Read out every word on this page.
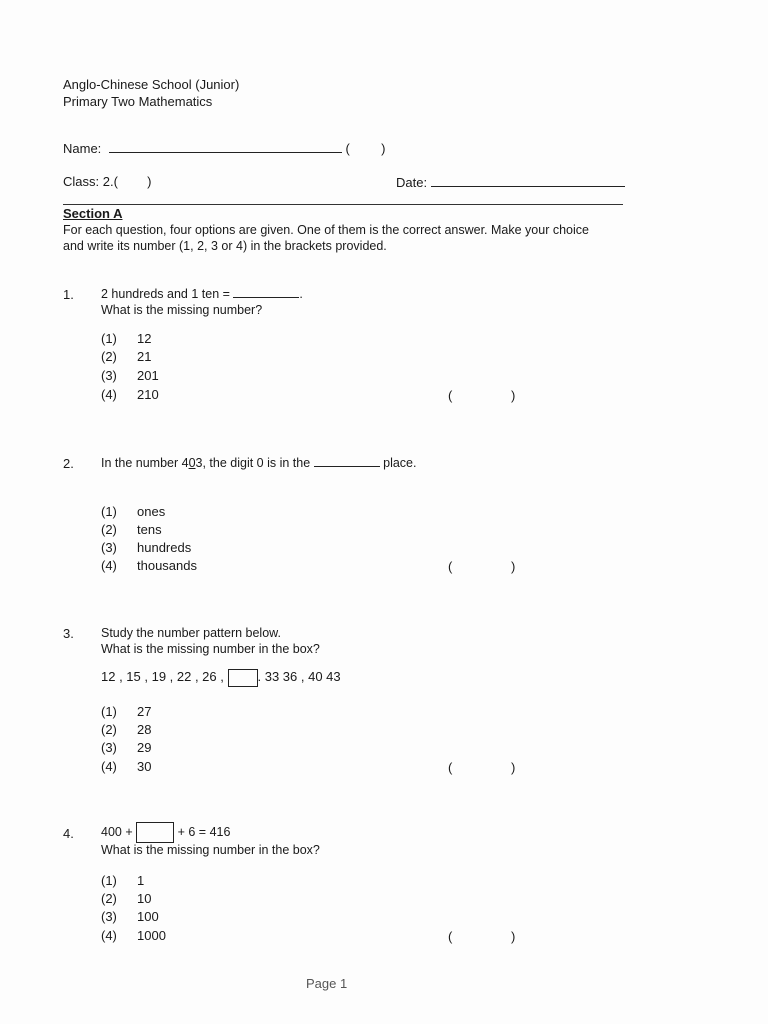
Anglo-Chinese School (Junior)
Primary Two Mathematics
Name:	( )
Class: 2.( )	Date:
Section A
For each question, four options are given. One of them is the correct answer. Make your choice
and write its number (1, 2, 3 or 4) in the brackets provided.
1. 2 hundreds and 1 ten =	.
What is the missing number?
(1) 12
(2) 21
(3) 201
(4) 210	(	)
2. In the number 403, the digit 0 is in the	place.
(1) ones
(2) tens
(3) hundreds
(4) thousands	(	)
3. Study the number pattern below.
What is the missing number in the box?
12 , 15 , 19 , 22 , 26 ,	. 33 36 , 40 43
(1) 27
(2) 28
(3) 29
(4) 30	(	)
4. 400 +	+ 6 = 416
What is the missing number in the box?
(1) 1
(2) 10
(3) 100
(4) 1000	(	)
Page 1
